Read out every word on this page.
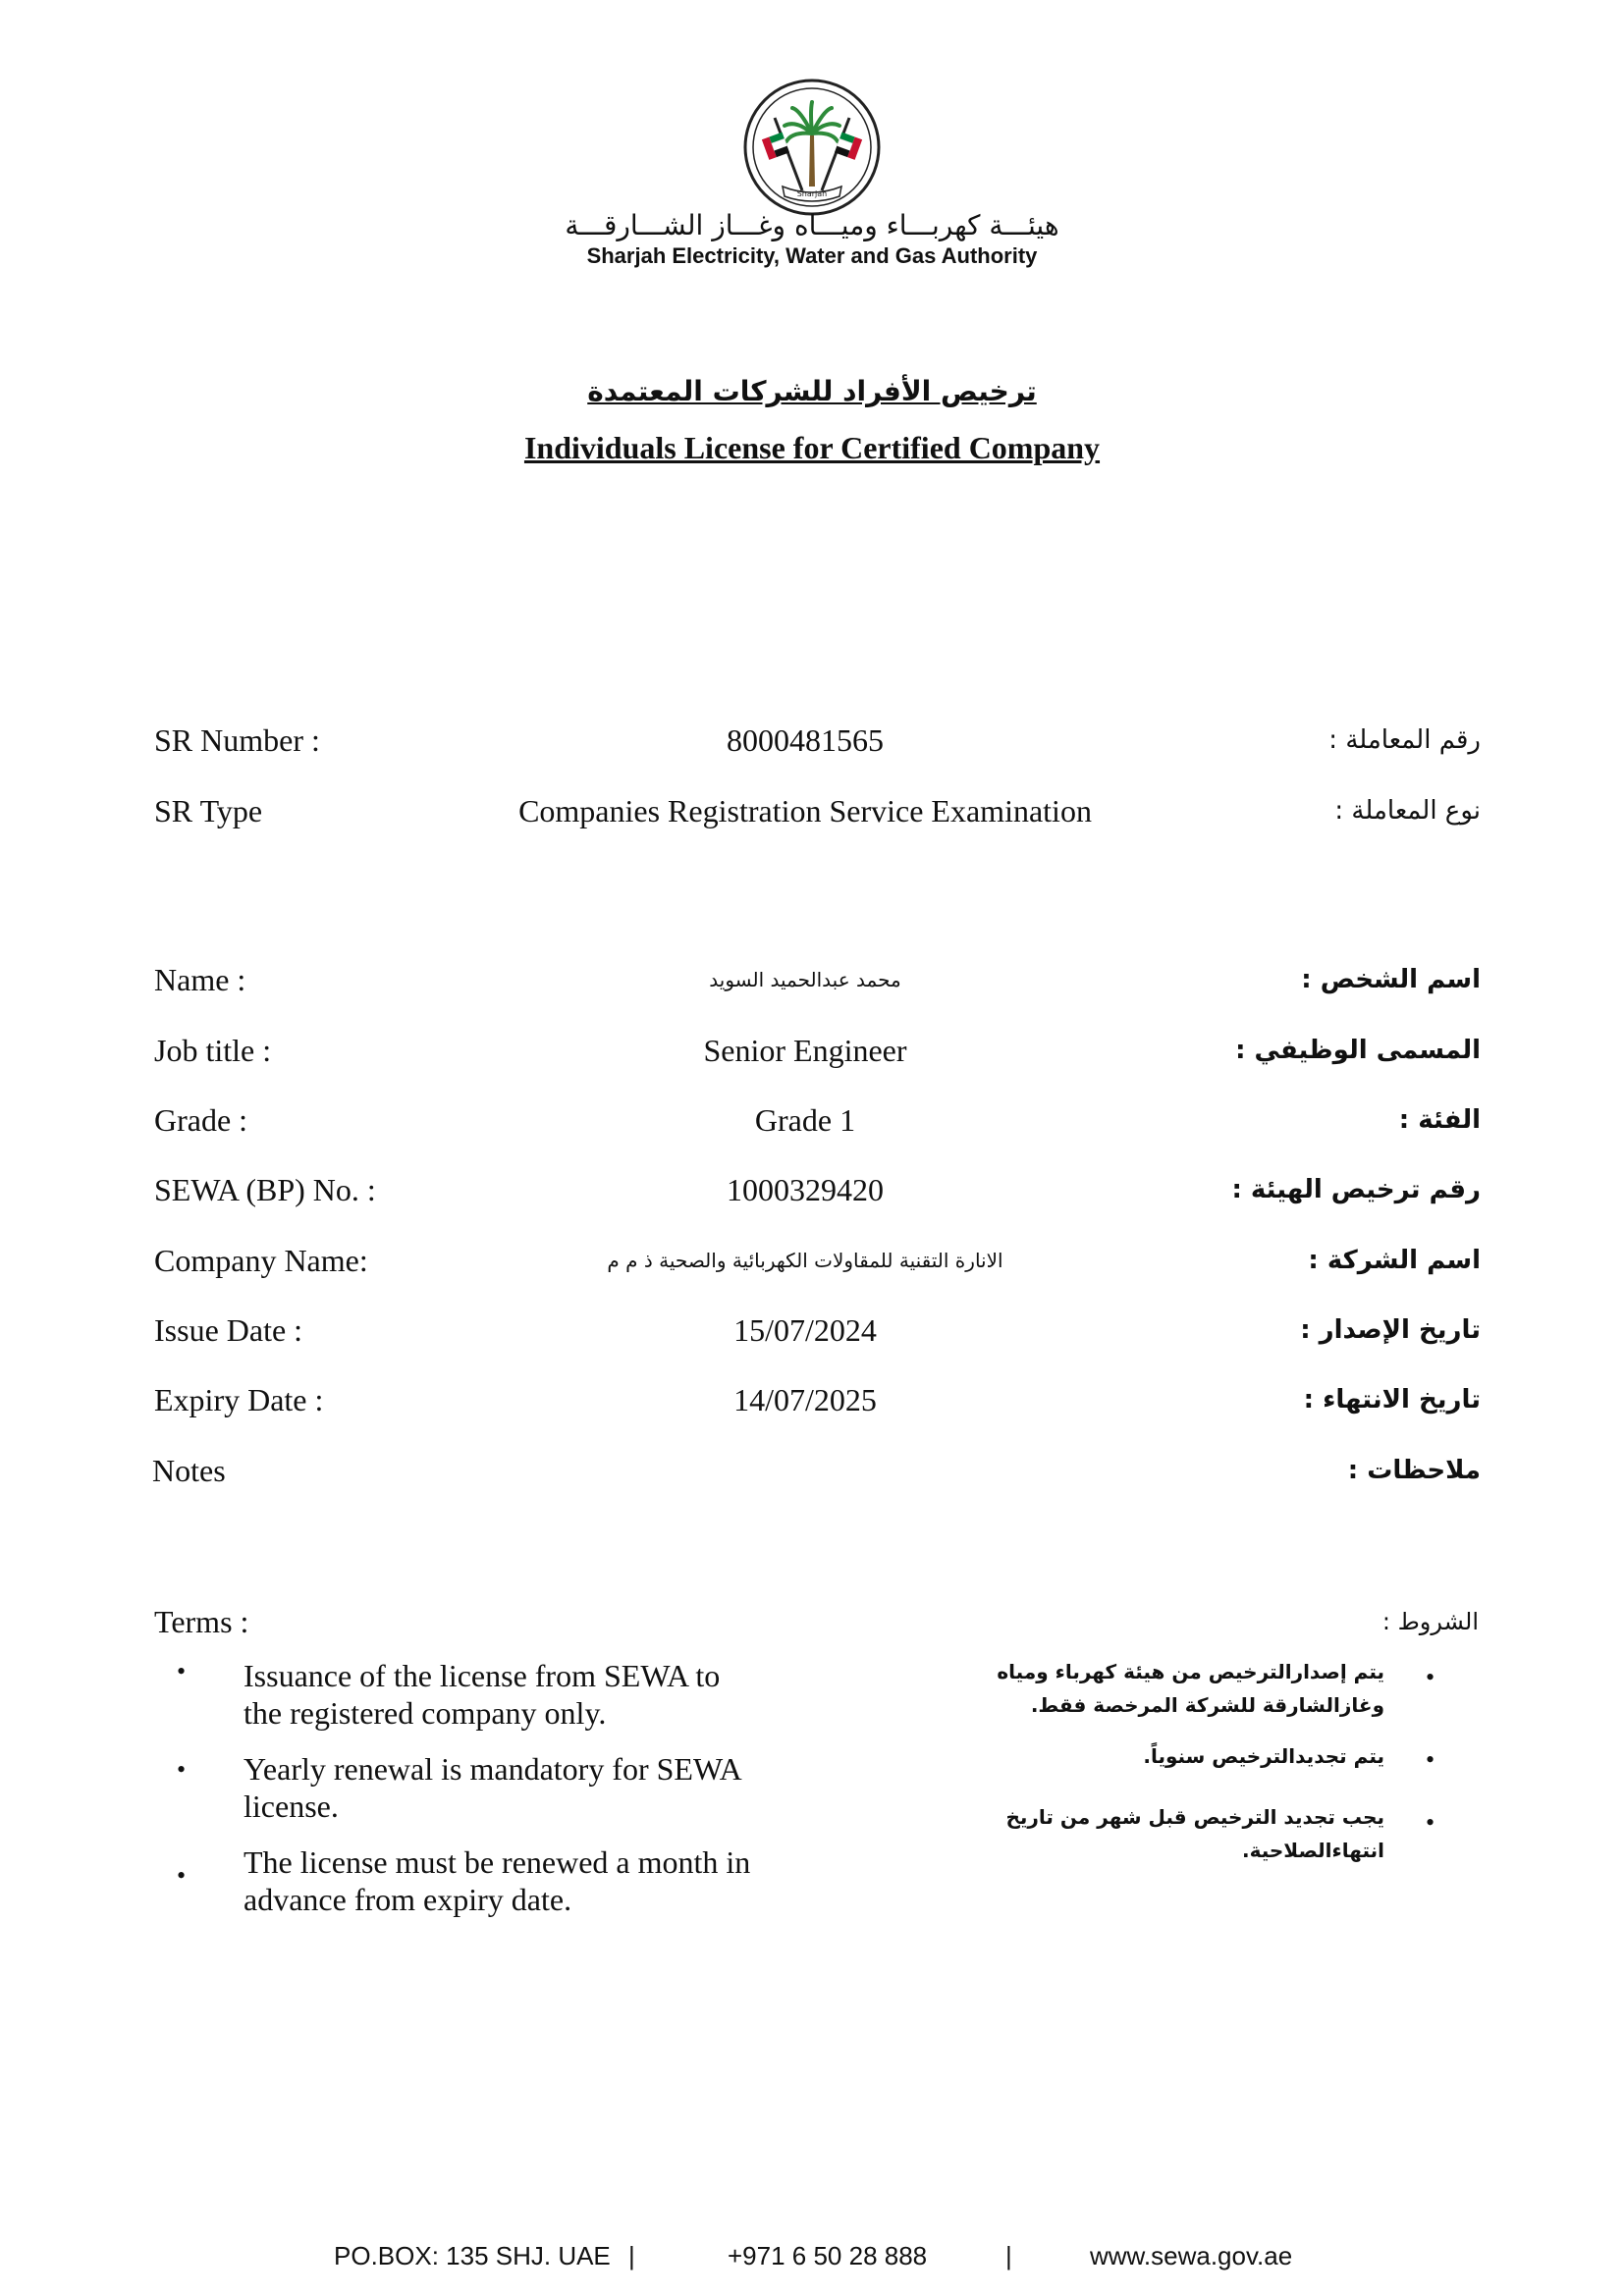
Sharjah
هيئـــة كهربـــاء وميـــاه وغـــاز الشـــارقـــة
Sharjah Electricity, Water and Gas Authority
ترخيص الأفراد للشركات المعتمدة
Individuals License for Certified Company
SR Number :	8000481565	رقم المعاملة :
SR Type	Companies Registration Service Examination	نوع المعاملة :
Name :	محمد عبدالحميد السويد	اسم الشخص :
Job title :	Senior Engineer	المسمى الوظيفي :
Grade :	Grade 1	الفئة :
SEWA (BP) No. :	1000329420	رقم ترخيص الهيئة :
Company Name:	الانارة التقنية للمقاولات الكهربائية والصحية ذ م م	اسم الشركة :
Issue Date :	15/07/2024	تاريخ الإصدار :
Expiry Date :	14/07/2025	تاريخ الانتهاء :
Notes	ملاحظات :
Terms :	الشروط :
• Issuance of the license from SEWA to the registered company only.
• Yearly renewal is mandatory for SEWA license.
• The license must be renewed a month in advance from expiry date.
•
يتم إصدارالترخيص من هيئة كهرباء ومياه وغازالشارقة للشركة المرخصة فقط.
•
يتم تجديدالترخيص سنوياً.
•
يجب تجديد الترخيص قبل شهر من تاريخ انتهاءالصلاحية.
PO.BOX: 135 SHJ. UAE |	+971 6 50 28 888	|	www.sewa.gov.ae
